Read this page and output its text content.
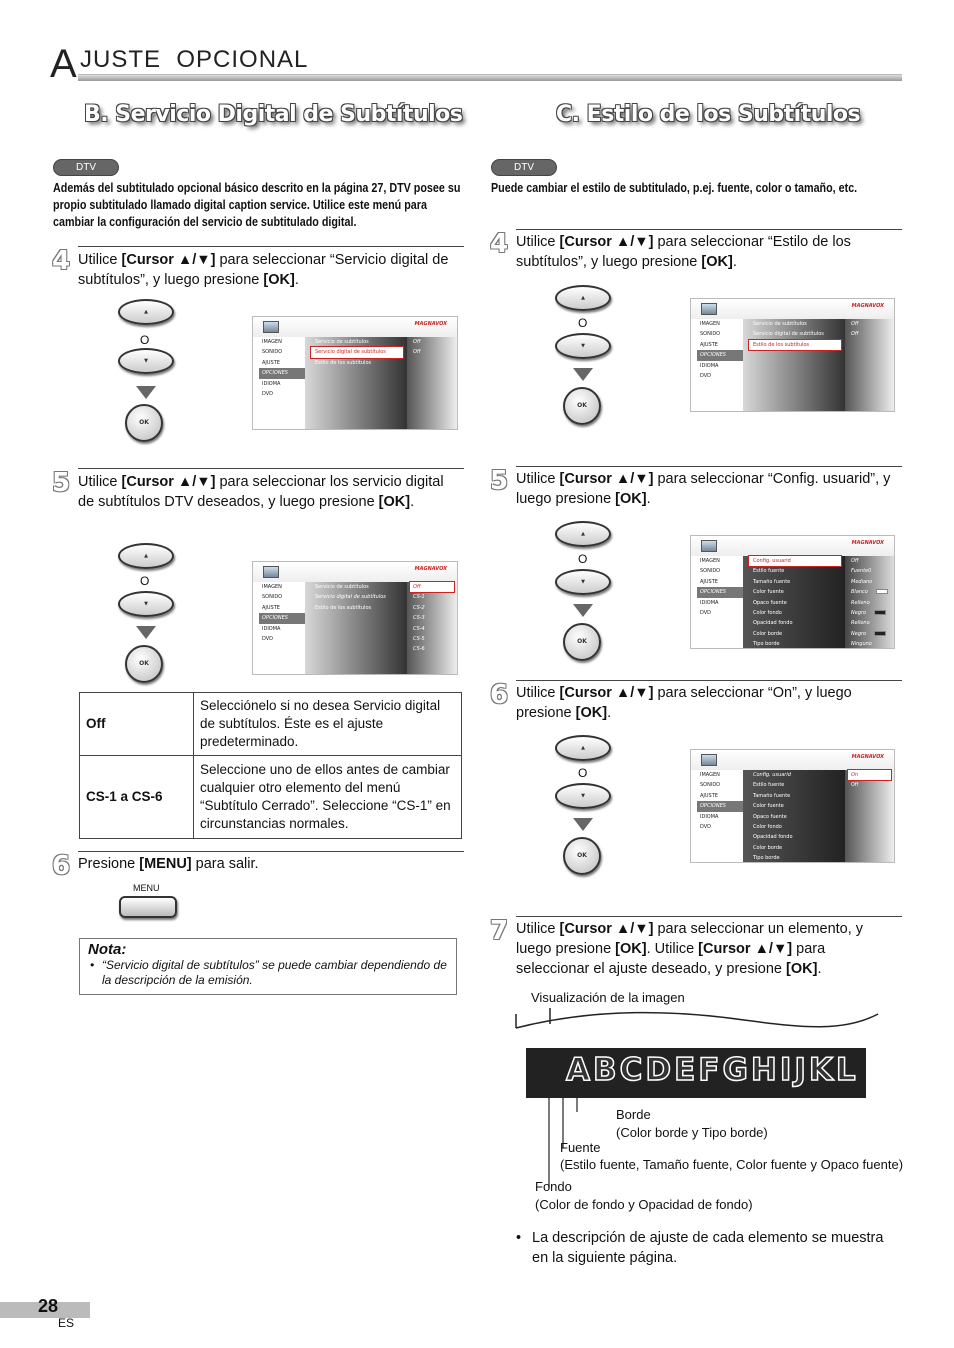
A JUSTE  OPCIONAL
B. Servicio Digital de Subtítulos	C. Estilo de los Subtítulos
DTV
Además del subtitulado opcional básico descrito en la página 27, DTV posee su propio subtitulado llamado digital caption service. Utilice este menú para cambiar la configuración del servicio de subtitulado digital.
4 Utilice [Cursor ▲/▼] para seleccionar “Servicio digital de subtítulos”, y luego presione [OK].
▲
O
▼
OK
MAGNAVOX
IMAGEN
SONIDO
AJUSTE
OPCIONES
IDIOMA
DVD
Servicio de subtítulos
Servicio digital de subtítulos
Estilo de los subtítulos
Off
Off
5 Utilice [Cursor ▲/▼] para seleccionar los servicio digital de subtítulos DTV deseados, y luego presione [OK].
▲
O
▼
OK
MAGNAVOX
IMAGEN
SONIDO
AJUSTE
OPCIONES
IDIOMA
DVD
Servicio de subtítulos
Servicio digital de subtítulos
Estilo de los subtítulos
Off
CS-1
CS-2
CS-3
CS-4
CS-5
CS-6
Off	Selecciónelo si no desea Servicio digital de subtítulos. Éste es el ajuste predeterminado.
CS-1 a CS-6	Seleccione uno de ellos antes de cambiar cualquier otro elemento del menú “Subtítulo Cerrado”. Seleccione “CS-1” en circunstancias normales.
6 Presione [MENU] para salir.
MENU
Nota:

• “Servicio digital de subtítulos” se puede cambiar dependiendo de la descripción de la emisión.

DTV
Puede cambiar el estilo de subtitulado, p.ej. fuente, color o tamaño, etc.
4 Utilice [Cursor ▲/▼] para seleccionar “Estilo de los subtítulos”, y luego presione [OK].
▲
O
▼
OK
MAGNAVOX
IMAGEN
SONIDO
AJUSTE
OPCIONES
IDIOMA
DVD
Servicio de subtítulos
Servicio digital de subtítulos
Estilo de los subtítulos
Off
Off
5 Utilice [Cursor ▲/▼] para seleccionar “Config. usuarid”, y luego presione [OK].
▲
O
▼
OK
MAGNAVOX
IMAGEN
SONIDO
AJUSTE
OPCIONES
IDIOMA
DVD
Config. usuarid
Estilo fuente
Tamaño fuente
Color fuente
Opaco fuente
Color fondo
Opacidad fondo
Color borde
Tipo borde
Off
Fuente0
Mediano
Blanco
Relleno
Negro
Relleno
Negro
Ninguno
6 Utilice [Cursor ▲/▼] para seleccionar “On”, y luego presione [OK].
▲
O
▼
OK
MAGNAVOX
IMAGEN
SONIDO
AJUSTE
OPCIONES
IDIOMA
DVD
Config. usuarid
Estilo fuente
Tamaño fuente
Color fuente
Opaco fuente
Color fondo
Opacidad fondo
Color borde
Tipo borde
On
Off
7 Utilice [Cursor ▲/▼] para seleccionar un elemento, y luego presione [OK]. Utilice [Cursor ▲/▼] para seleccionar el ajuste deseado, y presione [OK].
Visualización de la imagen
ABCDEFGHIJKL
Borde
(Color borde y Tipo borde)
Fuente
(Estilo fuente, Tamaño fuente, Color fuente y Opaco fuente)
Fondo
(Color de fondo y Opacidad de fondo)
• La descripción de ajuste de cada elemento se muestra en la siguiente página.
28
ES
